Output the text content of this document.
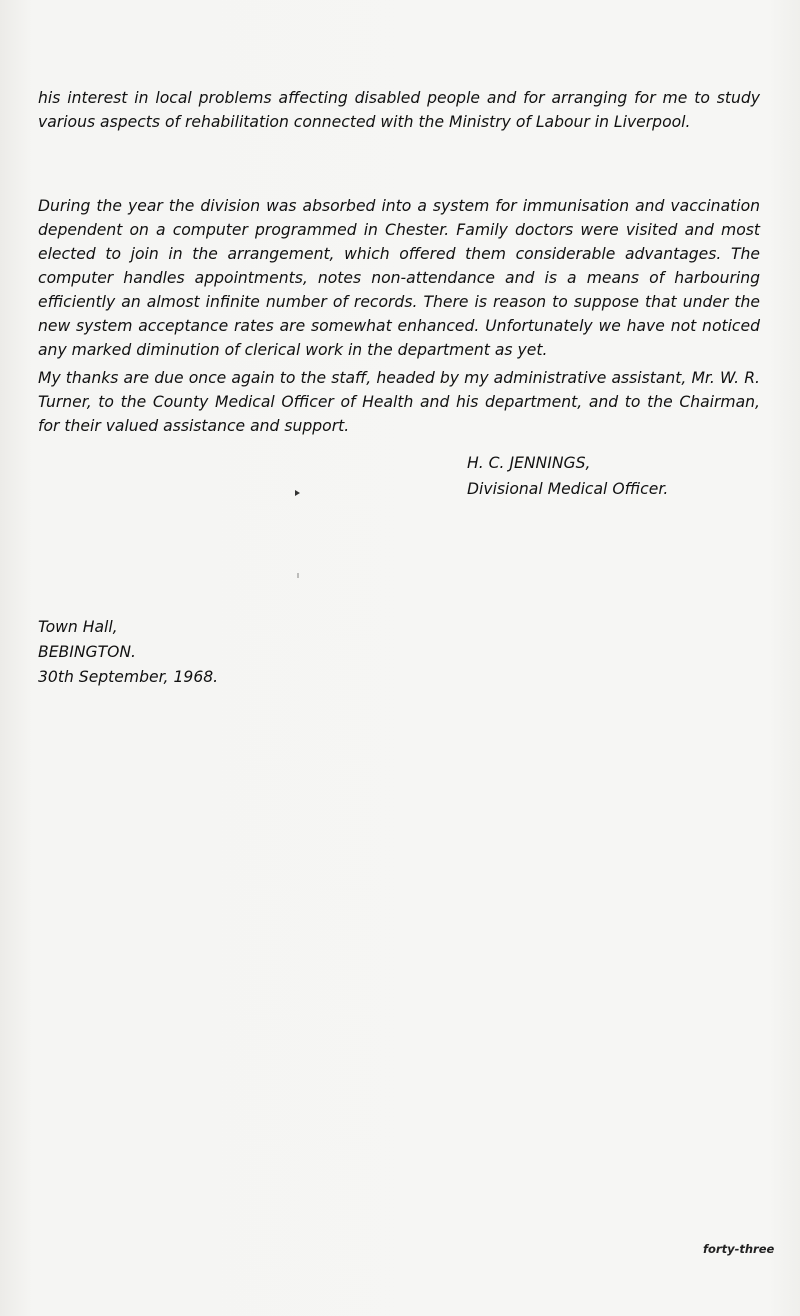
his interest in local problems affecting disabled people and for arranging for me to study various aspects of rehabilitation connected with the Ministry of Labour in Liverpool.

During the year the division was absorbed into a system for immunisation and vaccination dependent on a computer programmed in Chester. Family doctors were visited and most elected to join in the arrangement, which offered them considerable advantages. The computer handles appointments, notes non-attendance and is a means of harbouring efficiently an almost infinite number of records. There is reason to suppose that under the new system acceptance rates are somewhat enhanced. Unfortunately we have not noticed any marked diminution of clerical work in the department as yet.

My thanks are due once again to the staff, headed by my administrative assistant, Mr. W. R. Turner, to the County Medical Officer of Health and his department, and to the Chairman, for their valued assistance and support.

H. C. JENNINGS,
Divisional Medical Officer.
Town Hall,
BEBINGTON.
30th September, 1968.
forty-three
